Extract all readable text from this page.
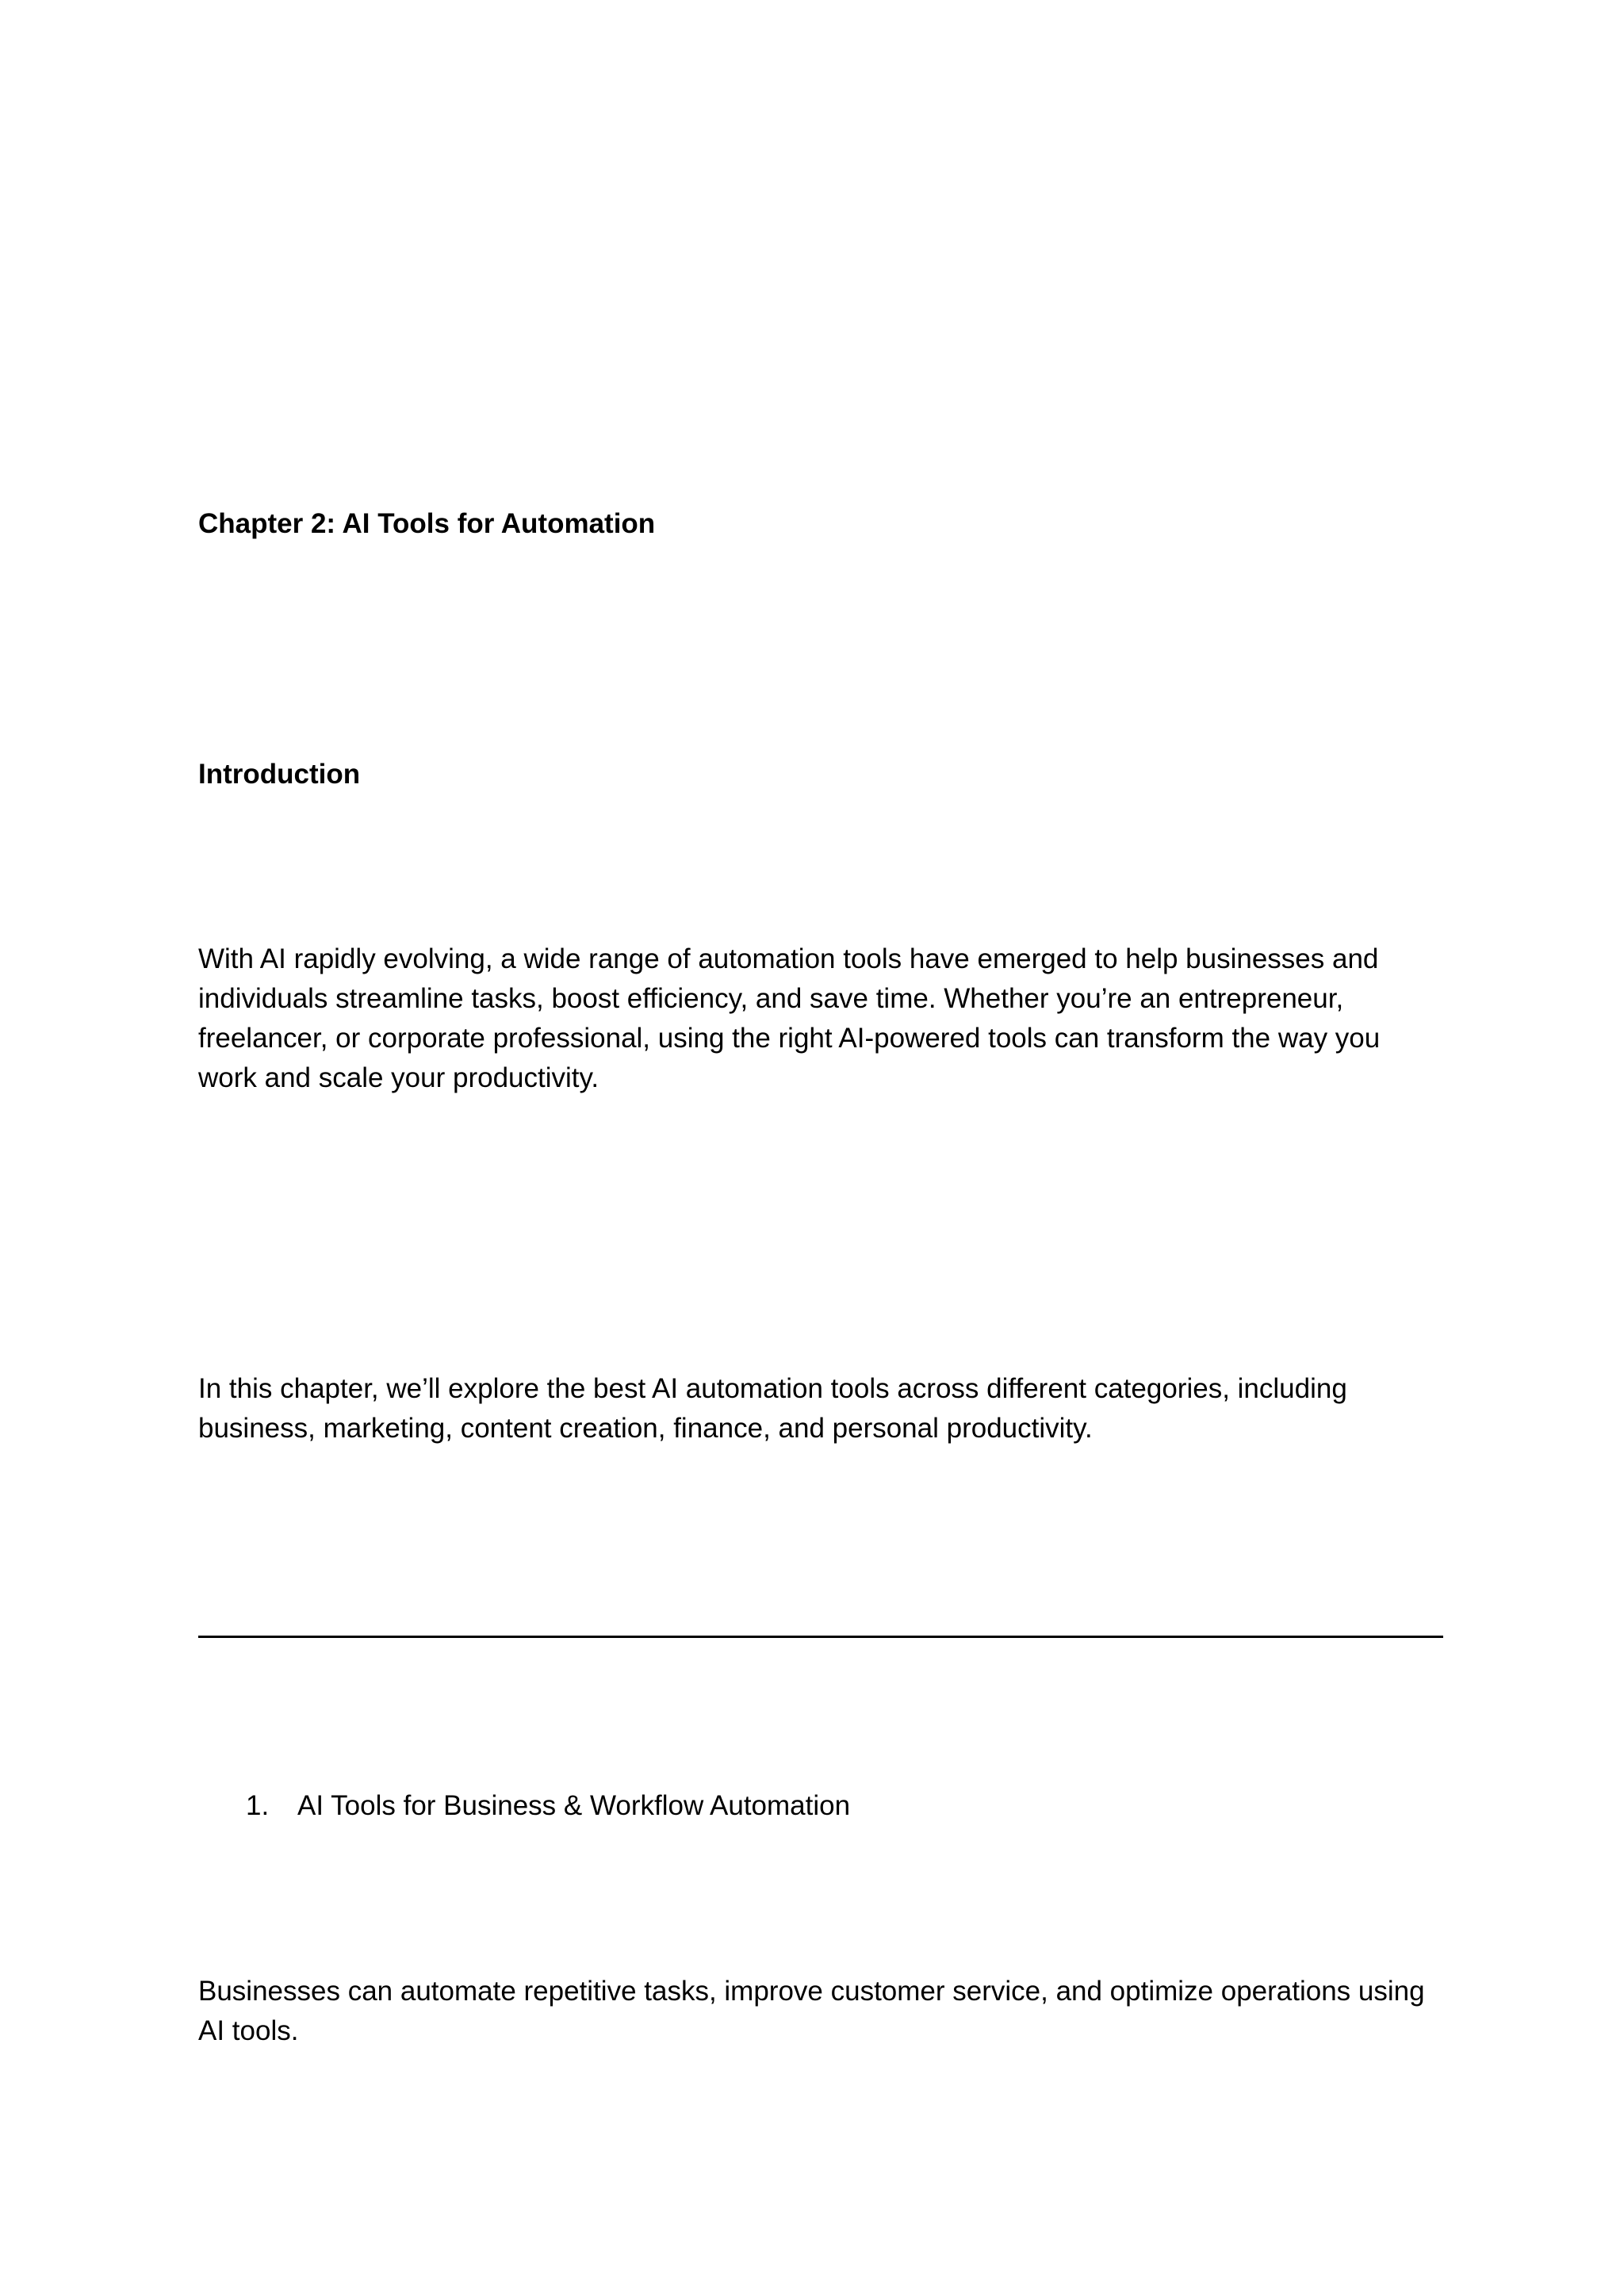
Chapter 2: AI Tools for Automation
Introduction

With AI rapidly evolving, a wide range of automation tools have emerged to help businesses and individuals streamline tasks, boost efficiency, and save time. Whether you’re an entrepreneur, freelancer, or corporate professional, using the right AI-powered tools can transform the way you work and scale your productivity.

In this chapter, we’ll explore the best AI automation tools across different categories, including business, marketing, content creation, finance, and personal productivity.

1.	AI Tools for Business & Workflow Automation

Businesses can automate repetitive tasks, improve customer service, and optimize operations using AI tools.
